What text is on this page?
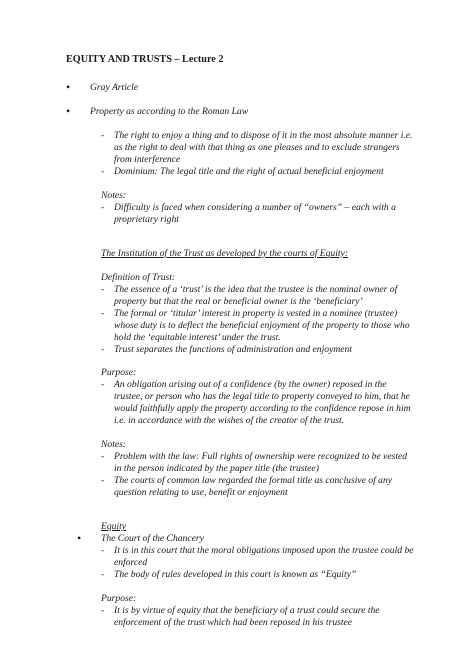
EQUITY AND TRUSTS – Lecture 2
• Gray Article
• Property as according to the Roman Law
- The right to enjoy a thing and to dispose of it in the most absolute manner i.e. as the right to deal with that thing as one pleases and to exclude strangers from interference
- Dominium: The legal title and the right of actual beneficial enjoyment
Notes:
- Difficulty is faced when considering a number of “owners” – each with a proprietary right
The Institution of the Trust as developed by the courts of Equity:
Definition of Trust:
- The essence of a ‘trust’ is the idea that the trustee is the nominal owner of property but that the real or beneficial owner is the ‘beneficiary’
- The formal or ‘titular’ interest in property is vested in a nominee (trustee) whose duty is to deflect the beneficial enjoyment of the property to those who hold the ‘equitable interest’ under the trust.
- Trust separates the functions of administration and enjoyment
Purpose:
- An obligation arising out of a confidence (by the owner) reposed in the trustee, or person who has the legal title to property conveyed to him, that he would faithfully apply the property according to the confidence repose in him i.e. in accordance with the wishes of the creator of the trust.
Notes:
- Problem with the law: Full rights of ownership were recognized to be vested in the person indicated by the paper title (the trustee)
- The courts of common law regarded the formal title as conclusive of any question relating to use, benefit or enjoyment
Equity
• The Court of the Chancery
- It is in this court that the moral obligations imposed upon the trustee could be enforced
- The body of rules developed in this court is known as “Equity”
Purpose:
- It is by virtue of equity that the beneficiary of a trust could secure the enforcement of the trust which had been reposed in his trustee
